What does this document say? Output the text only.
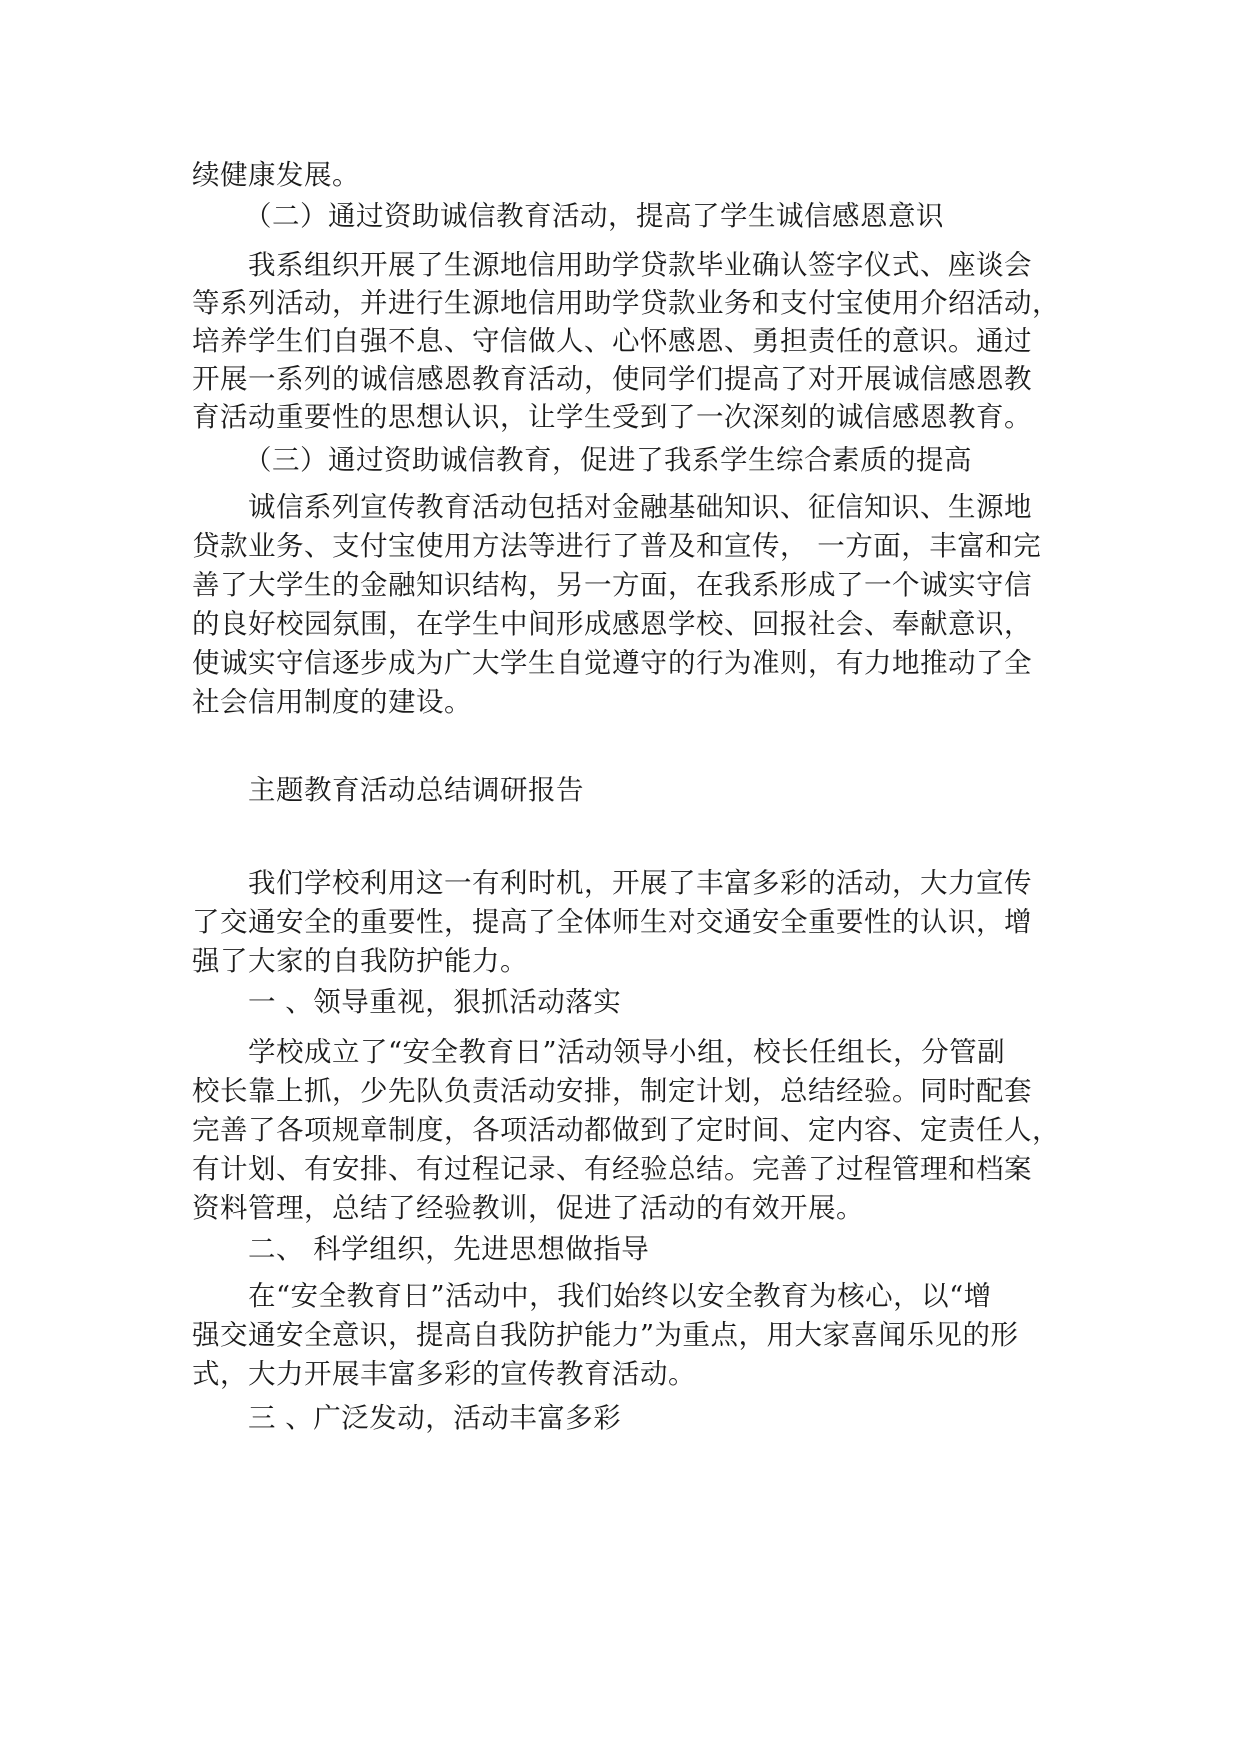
续健康发展。
（二）通过资助诚信教育活动，提高了学生诚信感恩意识
我系组织开展了生源地信用助学贷款毕业确认签字仪式、座谈会
等系列活动，并进行生源地信用助学贷款业务和支付宝使用介绍活动，
培养学生们自强不息、守信做人、心怀感恩、勇担责任的意识。通过
开展一系列的诚信感恩教育活动，使同学们提高了对开展诚信感恩教
育活动重要性的思想认识，让学生受到了一次深刻的诚信感恩教育。
（三）通过资助诚信教育，促进了我系学生综合素质的提高
诚信系列宣传教育活动包括对金融基础知识、征信知识、生源地
贷款业务、支付宝使用方法等进行了普及和宣传， 一方面，丰富和完
善了大学生的金融知识结构，另一方面，在我系形成了一个诚实守信
的良好校园氛围，在学生中间形成感恩学校、回报社会、奉献意识，
使诚实守信逐步成为广大学生自觉遵守的行为准则，有力地推动了全
社会信用制度的建设。
主题教育活动总结调研报告
我们学校利用这一有利时机，开展了丰富多彩的活动，大力宣传
了交通安全的重要性，提高了全体师生对交通安全重要性的认识，增
强了大家的自我防护能力。
一 、领导重视，狠抓活动落实
学校成立了“安全教育日”活动领导小组，校长任组长，分管副
校长靠上抓，少先队负责活动安排，制定计划，总结经验。同时配套
完善了各项规章制度，各项活动都做到了定时间、定内容、定责任人，
有计划、有安排、有过程记录、有经验总结。完善了过程管理和档案
资料管理，总结了经验教训，促进了活动的有效开展。
二、 科学组织，先进思想做指导
在“安全教育日”活动中，我们始终以安全教育为核心，以“增
强交通安全意识，提高自我防护能力”为重点，用大家喜闻乐见的形
式，大力开展丰富多彩的宣传教育活动。
三 、广泛发动，活动丰富多彩
